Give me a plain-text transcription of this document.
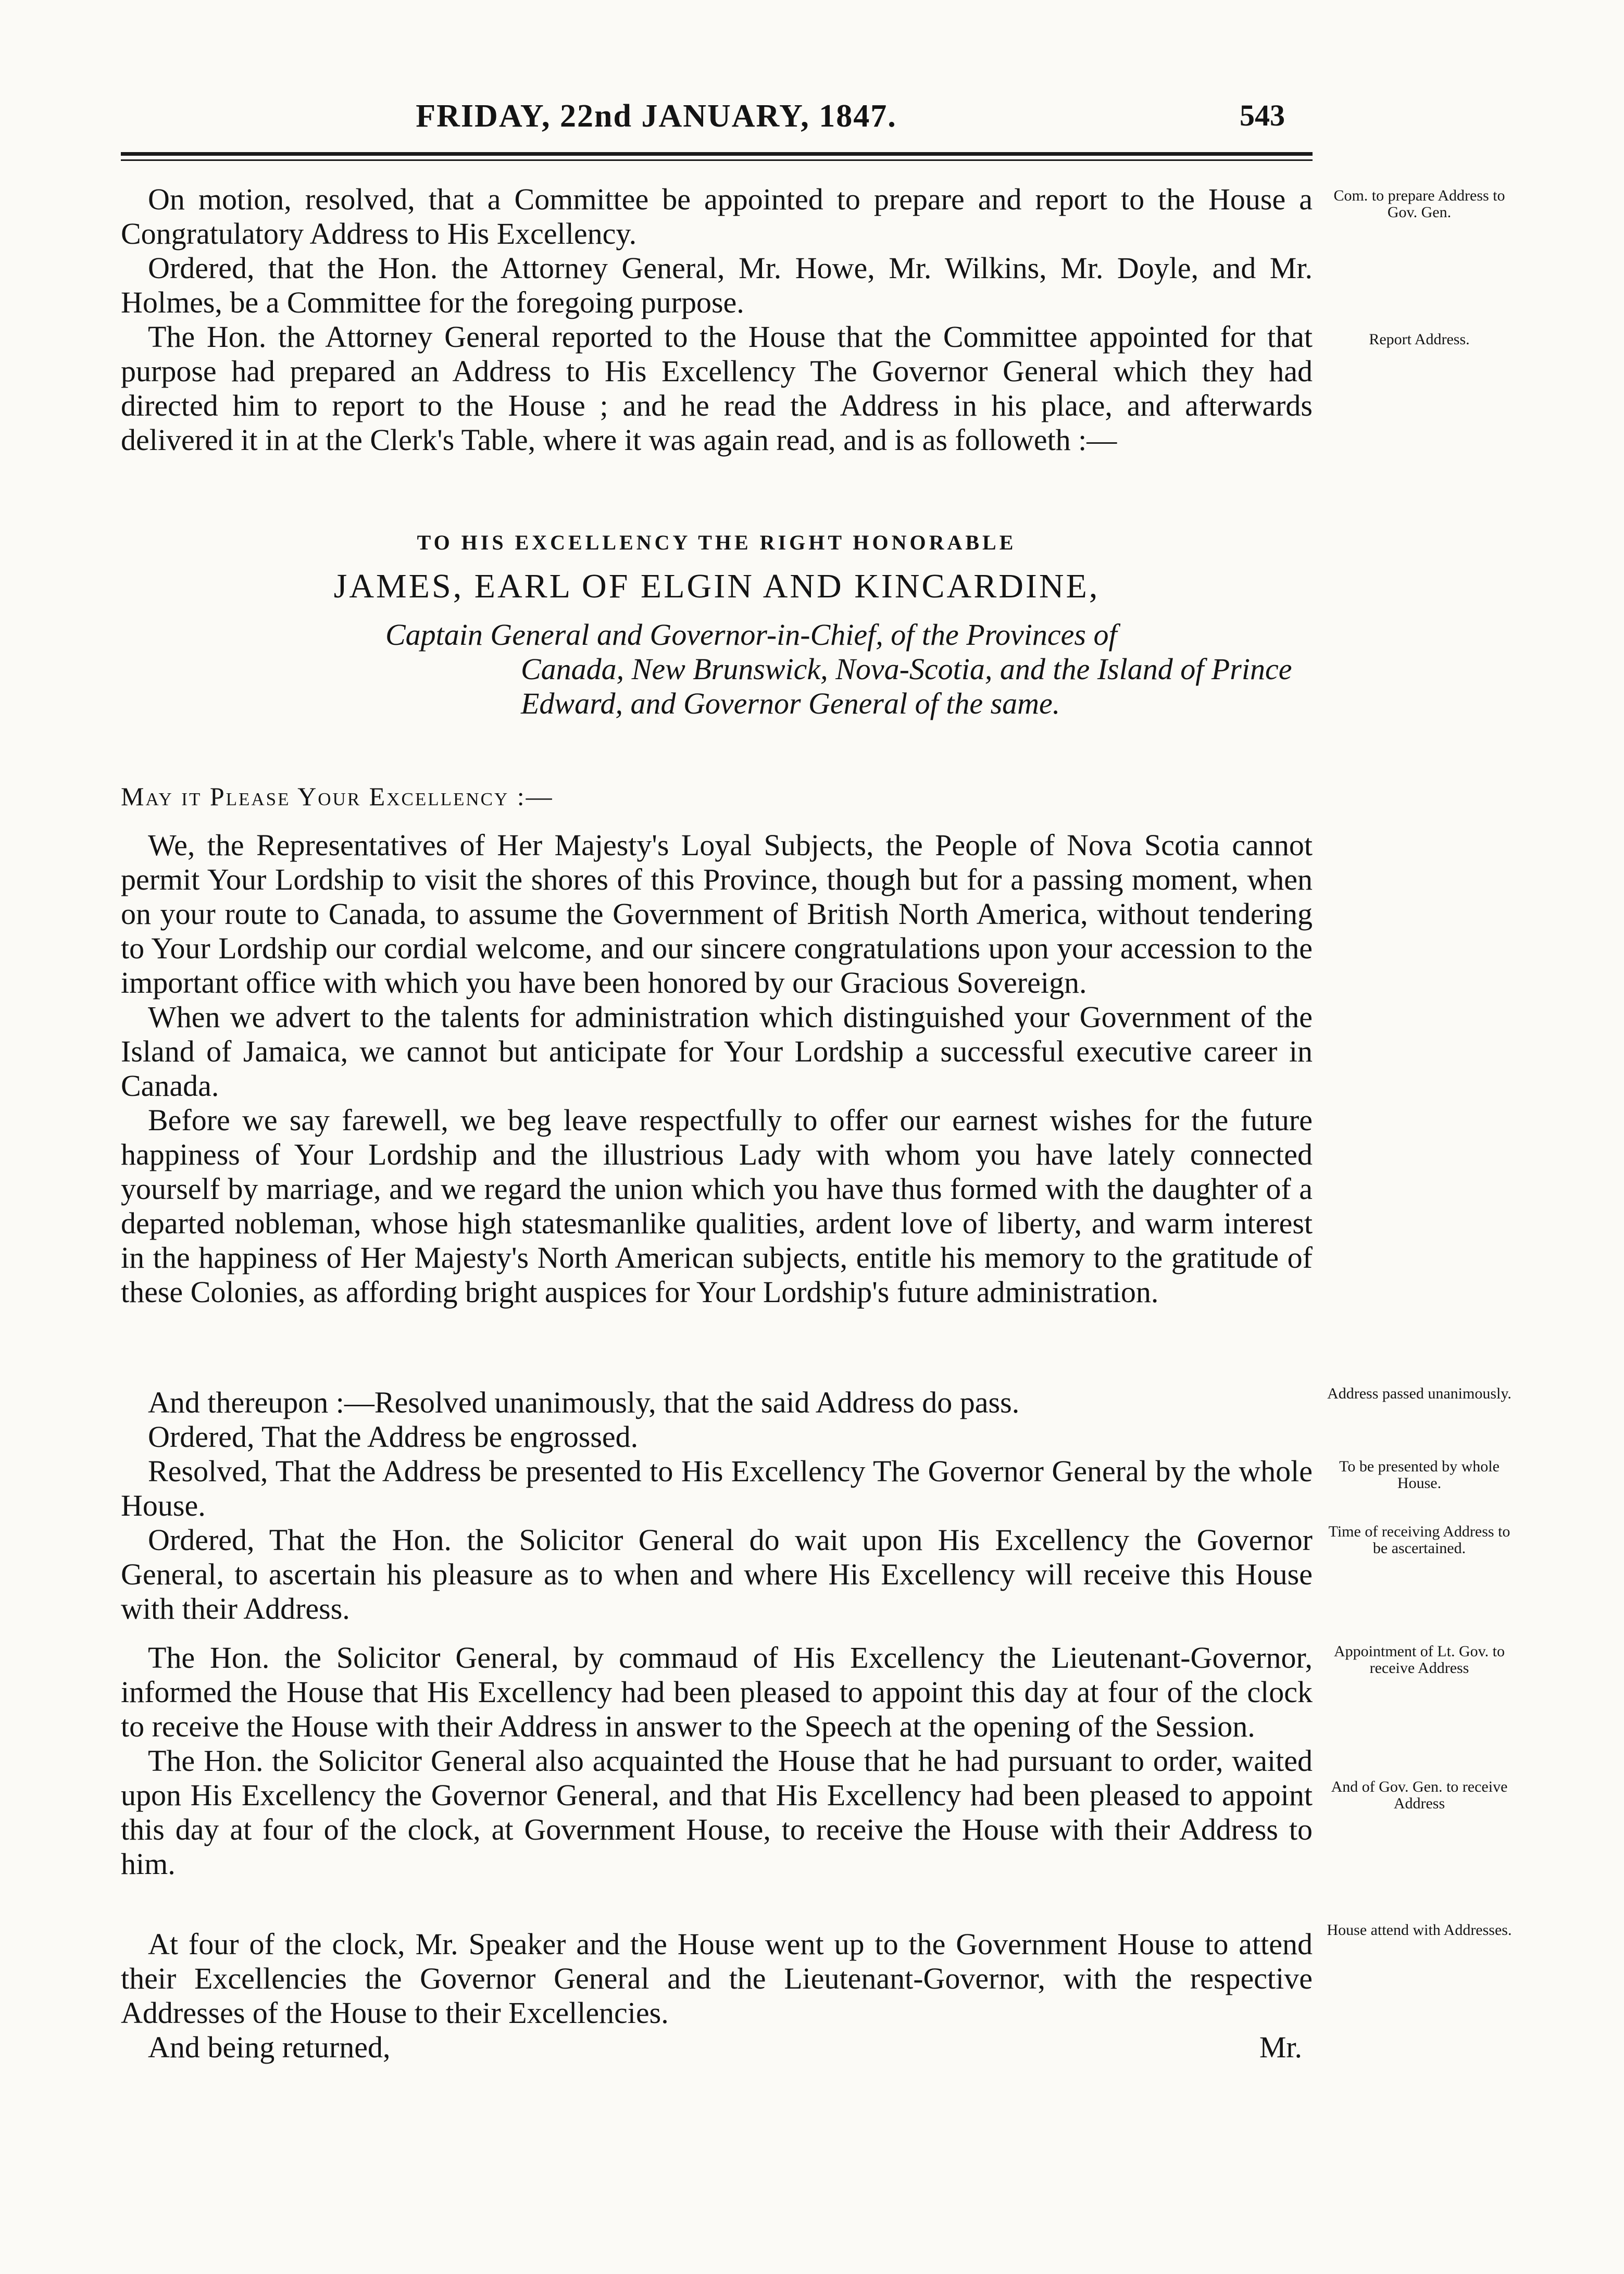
FRIDAY, 22nd JANUARY, 1847.	543

On motion, resolved, that a Committee be appointed to prepare and report to the House a Congratulatory Address to His Excellency.

Ordered, that the Hon. the Attorney General, Mr. Howe, Mr. Wilkins, Mr. Doyle, and Mr. Holmes, be a Committee for the foregoing purpose.

The Hon. the Attorney General reported to the House that the Committee appointed for that purpose had prepared an Address to His Excellency The Governor General which they had directed him to report to the House ; and he read the Address in his place, and afterwards delivered it in at the Clerk's Table, where it was again read, and is as followeth :—

TO HIS EXCELLENCY THE RIGHT HONORABLE
JAMES, EARL OF ELGIN AND KINCARDINE,
Captain General and Governor-in-Chief, of the Provinces of
Canada, New Brunswick, Nova-Scotia, and the Island of Prince Edward, and Governor General of the same.
May it Please Your Excellency :—

We, the Representatives of Her Majesty's Loyal Subjects, the People of Nova Scotia cannot permit Your Lordship to visit the shores of this Province, though but for a passing moment, when on your route to Canada, to assume the Government of British North America, without tendering to Your Lordship our cordial welcome, and our sincere congratulations upon your accession to the important office with which you have been honored by our Gracious Sovereign.

When we advert to the talents for administration which distinguished your Government of the Island of Jamaica, we cannot but anticipate for Your Lordship a successful executive career in Canada.

Before we say farewell, we beg leave respectfully to offer our earnest wishes for the future happiness of Your Lordship and the illustrious Lady with whom you have lately connected yourself by marriage, and we regard the union which you have thus formed with the daughter of a departed nobleman, whose high statesmanlike qualities, ardent love of liberty, and warm interest in the happiness of Her Majesty's North American subjects, entitle his memory to the gratitude of these Colonies, as affording bright auspices for Your Lordship's future administration.

And thereupon :—Resolved unanimously, that the said Address do pass.

Ordered, That the Address be engrossed.

Resolved, That the Address be presented to His Excellency The Governor General by the whole House.

Ordered, That the Hon. the Solicitor General do wait upon His Excellency the Governor General, to ascertain his pleasure as to when and where His Excellency will receive this House with their Address.

The Hon. the Solicitor General, by commaud of His Excellency the Lieutenant-Governor, informed the House that His Excellency had been pleased to appoint this day at four of the clock to receive the House with their Address in answer to the Speech at the opening of the Session.

The Hon. the Solicitor General also acquainted the House that he had pursuant to order, waited upon His Excellency the Governor General, and that His Excellency had been pleased to appoint this day at four of the clock, at Government House, to receive the House with their Address to him.

At four of the clock, Mr. Speaker and the House went up to the Government House to attend their Excellencies the Governor General and the Lieutenant-Governor, with the respective Addresses of the House to their Excellencies.

And being returned,	Mr.

Com. to prepare Address to Gov. Gen.
Report Address.
Address passed unanimously.
To be presented by whole House.
Time of receiving Address to be ascertained.
Appointment of Lt. Gov. to receive Address
And of Gov. Gen. to receive Address
House attend with Addresses.
